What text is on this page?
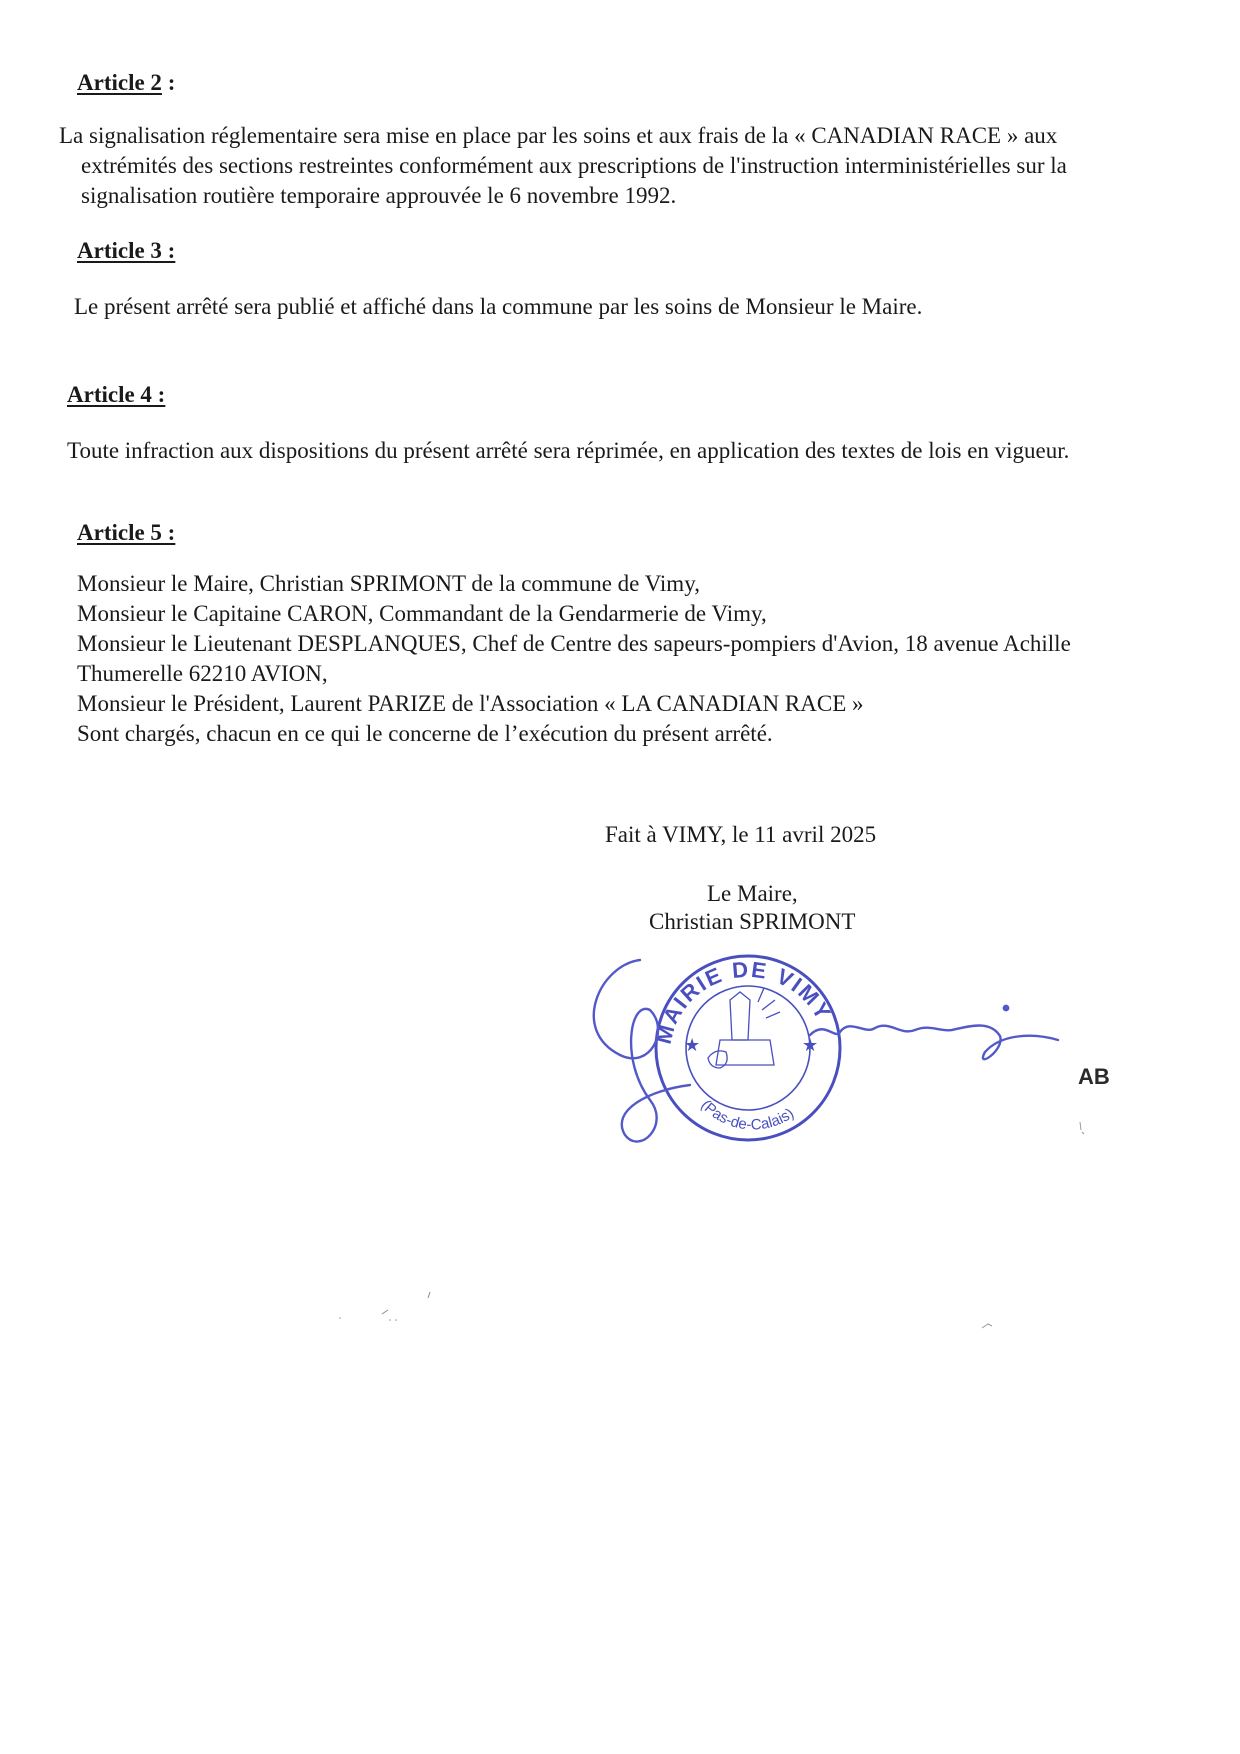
Article 2 :
La signalisation réglementaire sera mise en place par les soins et aux frais de la « CANADIAN RACE » aux
extrémités des sections restreintes conformément aux prescriptions de l'instruction interministérielles sur la
signalisation routière temporaire approuvée le 6 novembre 1992.
Article 3 :
Le présent arrêté sera publié et affiché dans la commune par les soins de Monsieur le Maire.
Article 4 :
Toute infraction aux dispositions du présent arrêté sera réprimée, en application des textes de lois en vigueur.
Article 5 :
Monsieur le Maire, Christian SPRIMONT de la commune de Vimy,
Monsieur le Capitaine CARON, Commandant de la Gendarmerie de Vimy,
Monsieur le Lieutenant DESPLANQUES, Chef de Centre des sapeurs-pompiers d'Avion, 18 avenue Achille
Thumerelle 62210 AVION,
Monsieur le Président, Laurent PARIZE de l'Association « LA CANADIAN RACE »
Sont chargés, chacun en ce qui le concerne de l’exécution du présent arrêté.
Fait à VIMY, le 11 avril 2025
Le Maire,
Christian SPRIMONT
MAIRIE DE VIMY
(Pas-de-Calais)
★	★
AB
